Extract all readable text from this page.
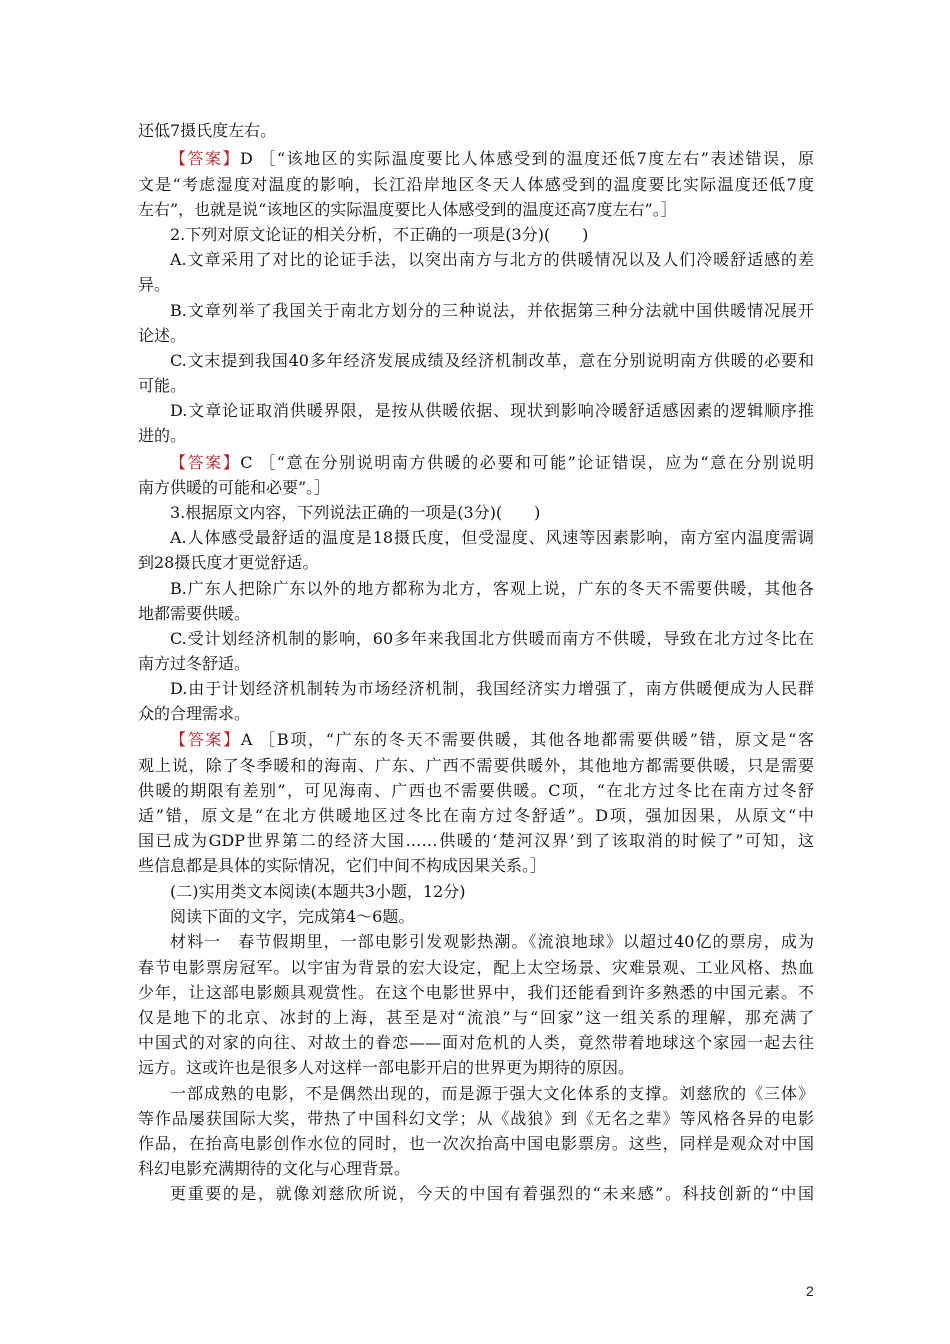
还低7摄氏度左右。
【答案】D ［“该地区的实际温度要比人体感受到的温度还低7度左右”表述错误，原
文是“考虑湿度对温度的影响，长江沿岸地区冬天人体感受到的温度要比实际温度还低7度
左右”，也就是说“该地区的实际温度要比人体感受到的温度还高7度左右”。］
2.下列对原文论证的相关分析，不正确的一项是(3分)(　　)
A.文章采用了对比的论证手法，以突出南方与北方的供暖情况以及人们冷暖舒适感的差
异。
B.文章列举了我国关于南北方划分的三种说法，并依据第三种分法就中国供暖情况展开
论述。
C.文末提到我国40多年经济发展成绩及经济机制改革，意在分别说明南方供暖的必要和
可能。
D.文章论证取消供暖界限，是按从供暖依据、现状到影响冷暖舒适感因素的逻辑顺序推
进的。
【答案】C ［“意在分别说明南方供暖的必要和可能”论证错误，应为“意在分别说明
南方供暖的可能和必要”。］
3.根据原文内容，下列说法正确的一项是(3分)(　　)
A.人体感受最舒适的温度是18摄氏度，但受湿度、风速等因素影响，南方室内温度需调
到28摄氏度才更觉舒适。
B.广东人把除广东以外的地方都称为北方，客观上说，广东的冬天不需要供暖，其他各
地都需要供暖。
C.受计划经济机制的影响，60多年来我国北方供暖而南方不供暖，导致在北方过冬比在
南方过冬舒适。
D.由于计划经济机制转为市场经济机制，我国经济实力增强了，南方供暖便成为人民群
众的合理需求。
【答案】A ［B项，“广东的冬天不需要供暖，其他各地都需要供暖”错，原文是“客
观上说，除了冬季暖和的海南、广东、广西不需要供暖外，其他地方都需要供暖，只是需要
供暖的期限有差别”，可见海南、广西也不需要供暖。C项，“在北方过冬比在南方过冬舒
适”错，原文是“在北方供暖地区过冬比在南方过冬舒适”。D项，强加因果，从原文“中
国已成为GDP世界第二的经济大国……供暖的‘楚河汉界’到了该取消的时候了”可知，这
些信息都是具体的实际情况，它们中间不构成因果关系。］
(二)实用类文本阅读(本题共3小题，12分)
阅读下面的文字，完成第4～6题。
材料一　春节假期里，一部电影引发观影热潮。《流浪地球》以超过40亿的票房，成为
春节电影票房冠军。以宇宙为背景的宏大设定，配上太空场景、灾难景观、工业风格、热血
少年，让这部电影颇具观赏性。在这个电影世界中，我们还能看到许多熟悉的中国元素。不
仅是地下的北京、冰封的上海，甚至是对“流浪”与“回家”这一组关系的理解，那充满了
中国式的对家的向往、对故土的眷恋——面对危机的人类，竟然带着地球这个家园一起去往
远方。这或许也是很多人对这样一部电影开启的世界更为期待的原因。
一部成熟的电影，不是偶然出现的，而是源于强大文化体系的支撑。刘慈欣的《三体》
等作品屡获国际大奖，带热了中国科幻文学；从《战狼》到《无名之辈》等风格各异的电影
作品，在抬高电影创作水位的同时，也一次次抬高中国电影票房。这些，同样是观众对中国
科幻电影充满期待的文化与心理背景。
更重要的是，就像刘慈欣所说，今天的中国有着强烈的“未来感”。科技创新的“中国
2
